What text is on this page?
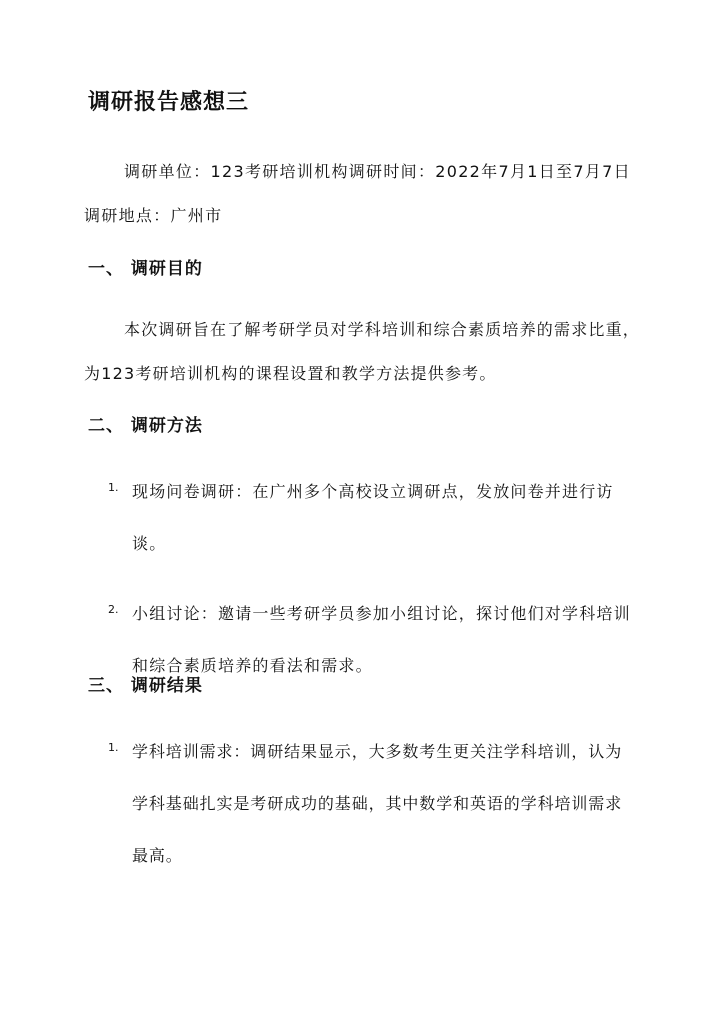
调研报告感想三

调研单位：123考研培训机构调研时间：2022年7月1日至7月7日调研地点：广州市

一、 调研目的

本次调研旨在了解考研学员对学科培训和综合素质培养的需求比重，为123考研培训机构的课程设置和教学方法提供参考。

二、 调研方法
1. 现场问卷调研：在广州多个高校设立调研点，发放问卷并进行访谈。
2. 小组讨论：邀请一些考研学员参加小组讨论，探讨他们对学科培训和综合素质培养的看法和需求。
三、 调研结果
1. 学科培训需求：调研结果显示，大多数考生更关注学科培训，认为学科基础扎实是考研成功的基础，其中数学和英语的学科培训需求最高。
